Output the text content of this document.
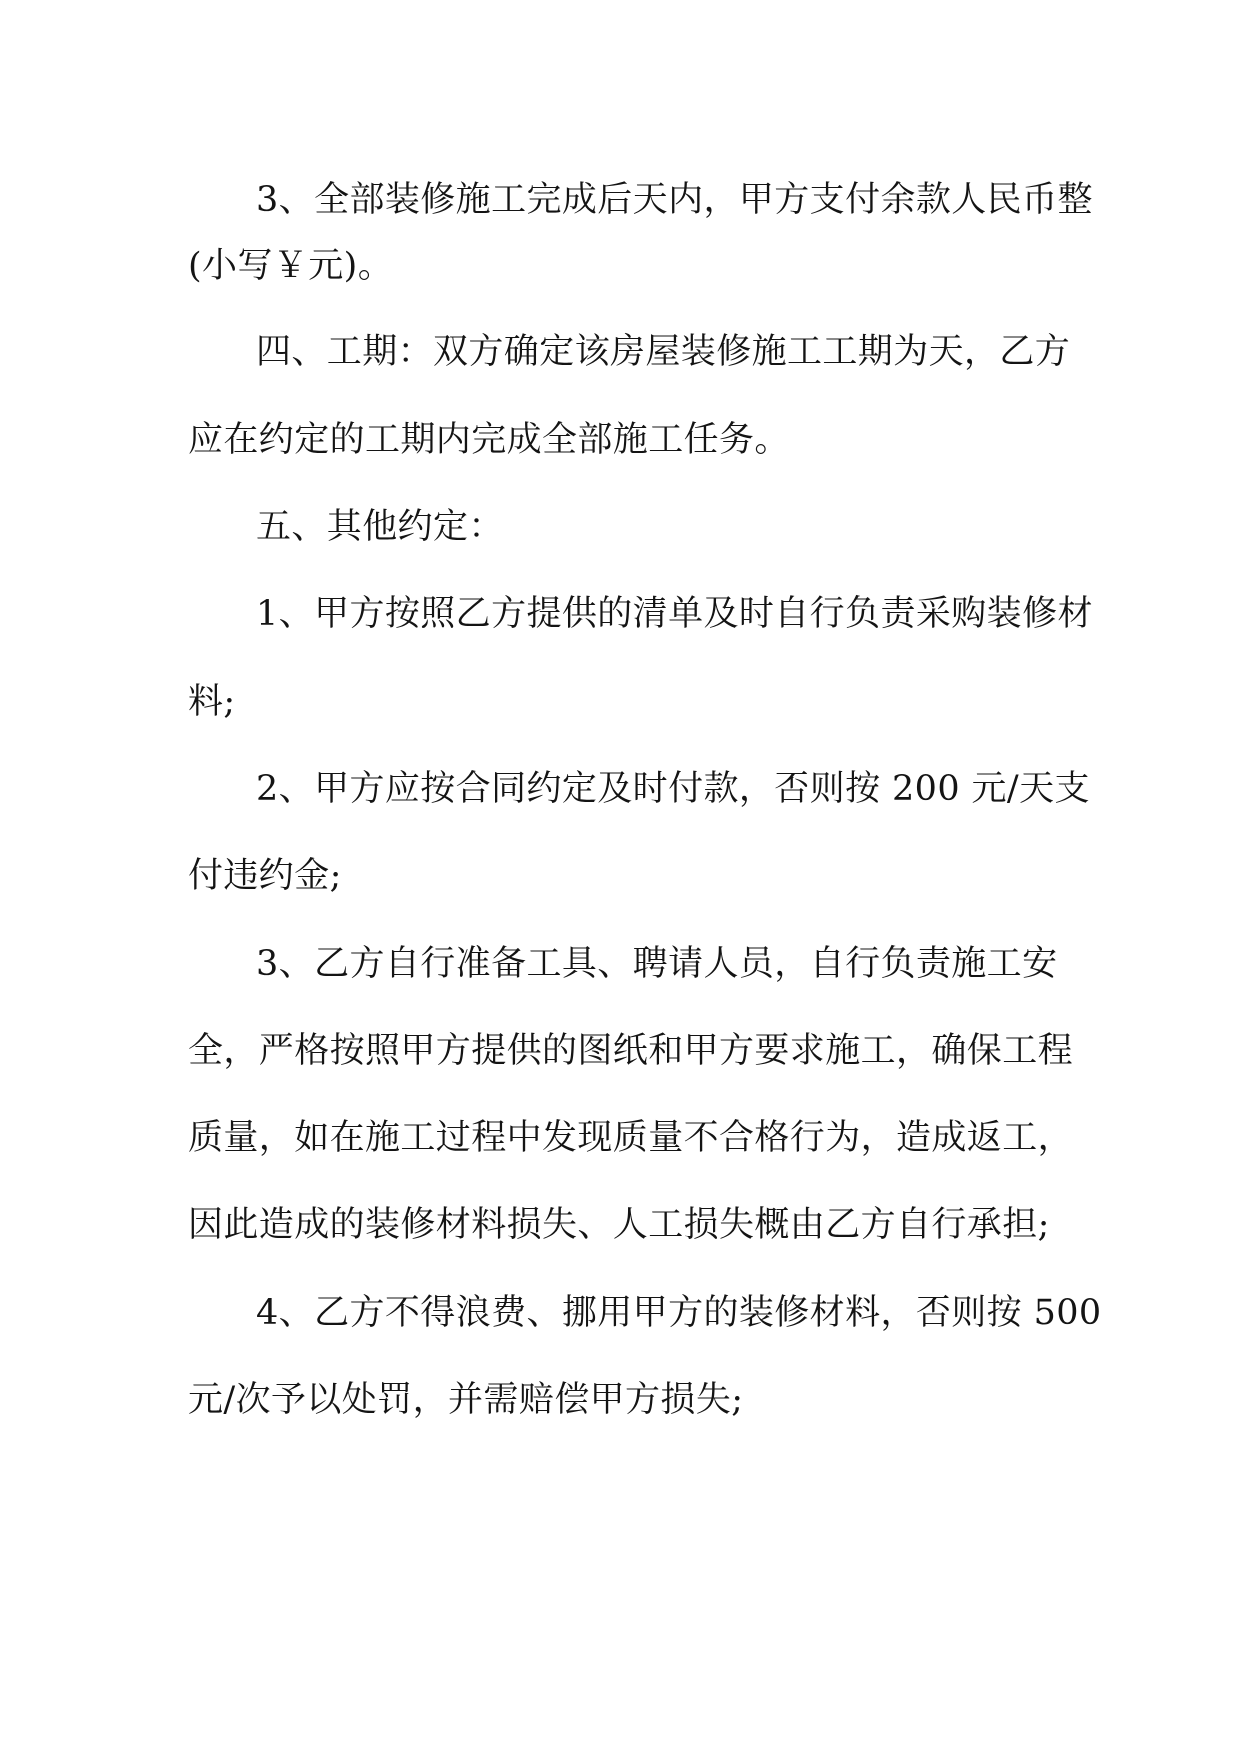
3、全部装修施工完成后天内，甲方支付余款人民币整
(小写￥元)。
四、工期：双方确定该房屋装修施工工期为天，乙方
应在约定的工期内完成全部施工任务。
五、其他约定：
1、甲方按照乙方提供的清单及时自行负责采购装修材
料;
2、甲方应按合同约定及时付款，否则按 200 元/天支
付违约金;
3、乙方自行准备工具、聘请人员，自行负责施工安
全，严格按照甲方提供的图纸和甲方要求施工，确保工程
质量，如在施工过程中发现质量不合格行为，造成返工，
因此造成的装修材料损失、人工损失概由乙方自行承担;
4、乙方不得浪费、挪用甲方的装修材料，否则按 500
元/次予以处罚，并需赔偿甲方损失;
